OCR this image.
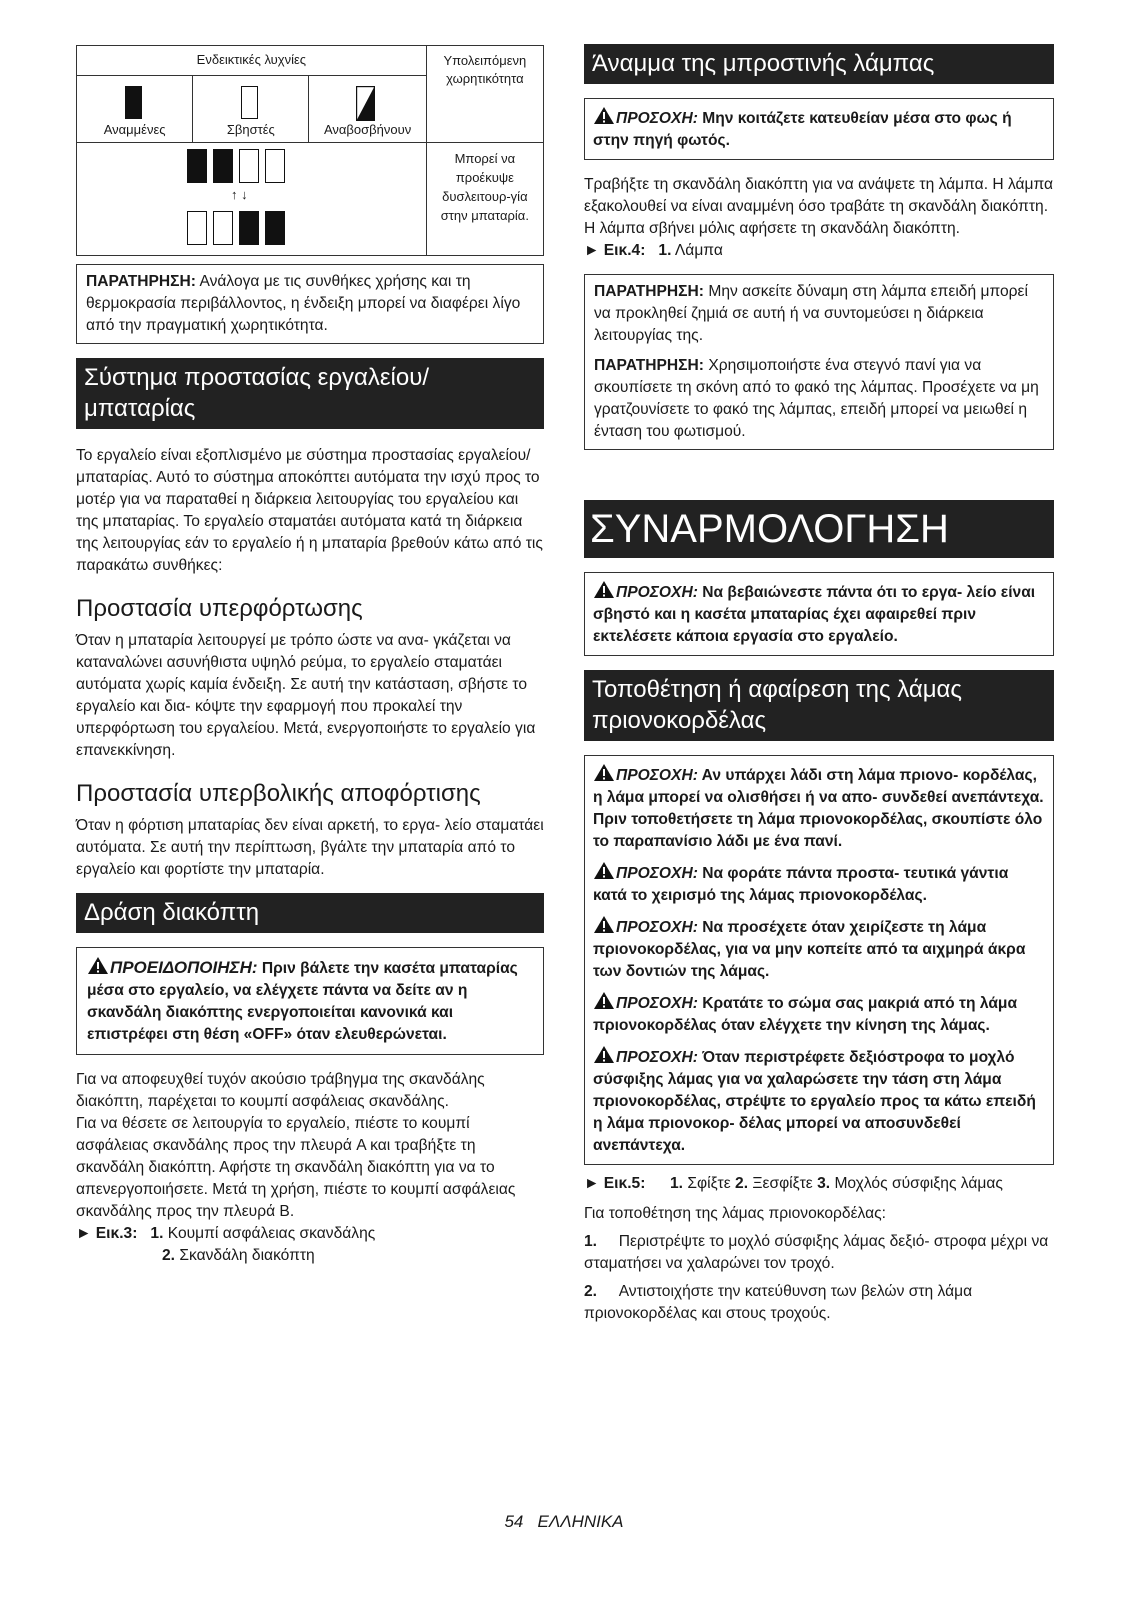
Ενδεικτικές λυχνίες			Υπολειπόμενη χωρητικότητα

Αναμμένες	Σβηστές	Αναβοσβήνουν	

↑ ↓			Μπορεί να προέκυψε δυσλειτουρ-γία στην μπαταρία.
ΠΑΡΑΤΗΡΗΣΗ: Ανάλογα με τις συνθήκες χρήσης και τη θερμοκρασία περιβάλλοντος, η ένδειξη μπορεί να διαφέρει λίγο από την πραγματική χωρητικότητα.
Σύστημα προστασίας εργαλείου/ μπαταρίας

Το εργαλείο είναι εξοπλισμένο με σύστημα προστασίας εργαλείου/μπαταρίας. Αυτό το σύστημα αποκόπτει αυτόματα την ισχύ προς το μοτέρ για να παραταθεί η διάρκεια λειτουργίας του εργαλείου και της μπαταρίας. Το εργαλείο σταματάει αυτόματα κατά τη διάρκεια της λειτουργίας εάν το εργαλείο ή η μπαταρία βρεθούν κάτω από τις παρακάτω συνθήκες:

Προστασία υπερφόρτωσης

Όταν η μπαταρία λειτουργεί με τρόπο ώστε να ανα- γκάζεται να καταναλώνει ασυνήθιστα υψηλό ρεύμα, το εργαλείο σταματάει αυτόματα χωρίς καμία ένδειξη. Σε αυτή την κατάσταση, σβήστε το εργαλείο και δια- κόψτε την εφαρμογή που προκαλεί την υπερφόρτωση του εργαλείου. Μετά, ενεργοποιήστε το εργαλείο για επανεκκίνηση.

Προστασία υπερβολικής αποφόρτισης

Όταν η φόρτιση μπαταρίας δεν είναι αρκετή, το εργα- λείο σταματάει αυτόματα. Σε αυτή την περίπτωση, βγάλτε την μπαταρία από το εργαλείο και φορτίστε την μπαταρία.

Δράση διακόπτη
ΠΡΟΕΙΔΟΠΟΙΗΣΗ: Πριν βάλετε την κασέτα μπαταρίας μέσα στο εργαλείο, να ελέγχετε πάντα να δείτε αν η σκανδάλη διακόπτης ενεργοποιείται κανονικά και επιστρέφει στη θέση «OFF» όταν ελευθερώνεται.

Για να αποφευχθεί τυχόν ακούσιο τράβηγμα της σκανδάλης διακόπτη, παρέχεται το κουμπί ασφάλειας σκανδάλης.

Για να θέσετε σε λειτουργία το εργαλείο, πιέστε το κουμπί ασφάλειας σκανδάλης προς την πλευρά A και τραβήξτε τη σκανδάλη διακόπτη. Αφήστε τη σκανδάλη διακόπτη για να το απενεργοποιήσετε. Μετά τη χρήση, πιέστε το κουμπί ασφάλειας σκανδάλης προς την πλευρά B.

► Εικ.3: 1. Κουμπί ασφάλειας σκανδάλης
2. Σκανδάλη διακόπτη
Άναμμα της μπροστινής λάμπας
ΠΡΟΣΟΧΗ: Μην κοιτάζετε κατευθείαν μέσα στο φως ή στην πηγή φωτός.

Τραβήξτε τη σκανδάλη διακόπτη για να ανάψετε τη λάμπα. Η λάμπα εξακολουθεί να είναι αναμμένη όσο τραβάτε τη σκανδάλη διακόπτη. Η λάμπα σβήνει μόλις αφήσετε τη σκανδάλη διακόπτη.

► Εικ.4: 1. Λάμπα
ΠΑΡΑΤΗΡΗΣΗ: Μην ασκείτε δύναμη στη λάμπα επειδή μπορεί να προκληθεί ζημιά σε αυτή ή να συντομεύσει η διάρκεια λειτουργίας της.
ΠΑΡΑΤΗΡΗΣΗ: Χρησιμοποιήστε ένα στεγνό πανί για να σκουπίσετε τη σκόνη από το φακό της λάμπας. Προσέχετε να μη γρατζουνίσετε το φακό της λάμπας, επειδή μπορεί να μειωθεί η ένταση του φωτισμού.
ΣΥΝΑΡΜΟΛΟΓΗΣΗ
ΠΡΟΣΟΧΗ: Να βεβαιώνεστε πάντα ότι το εργα- λείο είναι σβηστό και η κασέτα μπαταρίας έχει αφαιρεθεί πριν εκτελέσετε κάποια εργασία στο εργαλείο.
Τοποθέτηση ή αφαίρεση της λάμας πριονοκορδέλας
ΠΡΟΣΟΧΗ: Αν υπάρχει λάδι στη λάμα πριονο- κορδέλας, η λάμα μπορεί να ολισθήσει ή να απο- συνδεθεί ανεπάντεχα. Πριν τοποθετήσετε τη λάμα πριονοκορδέλας, σκουπίστε όλο το παραπανίσιο λάδι με ένα πανί.
ΠΡΟΣΟΧΗ: Να φοράτε πάντα προστα- τευτικά γάντια κατά το χειρισμό της λάμας πριονοκορδέλας.
ΠΡΟΣΟΧΗ: Να προσέχετε όταν χειρίζεστε τη λάμα πριονοκορδέλας, για να μην κοπείτε από τα αιχμηρά άκρα των δοντιών της λάμας.
ΠΡΟΣΟΧΗ: Κρατάτε το σώμα σας μακριά από τη λάμα πριονοκορδέλας όταν ελέγχετε την κίνηση της λάμας.
ΠΡΟΣΟΧΗ: Όταν περιστρέφετε δεξιόστροφα το μοχλό σύσφιξης λάμας για να χαλαρώσετε την τάση στη λάμα πριονοκορδέλας, στρέψτε το εργαλείο προς τα κάτω επειδή η λάμα πριονοκορ- δέλας μπορεί να αποσυνδεθεί ανεπάντεχα.
► Εικ.5:	1. Σφίξτε 2. Ξεσφίξτε 3. Μοχλός σύσφιξης λάμας

Για τοποθέτηση της λάμας πριονοκορδέλας:

1. Περιστρέψτε το μοχλό σύσφιξης λάμας δεξιό- στροφα μέχρι να σταματήσει να χαλαρώνει τον τροχό.

2. Αντιστοιχήστε την κατεύθυνση των βελών στη λάμα πριονοκορδέλας και στους τροχούς.

54 ΕΛΛΗΝΙΚΑ
